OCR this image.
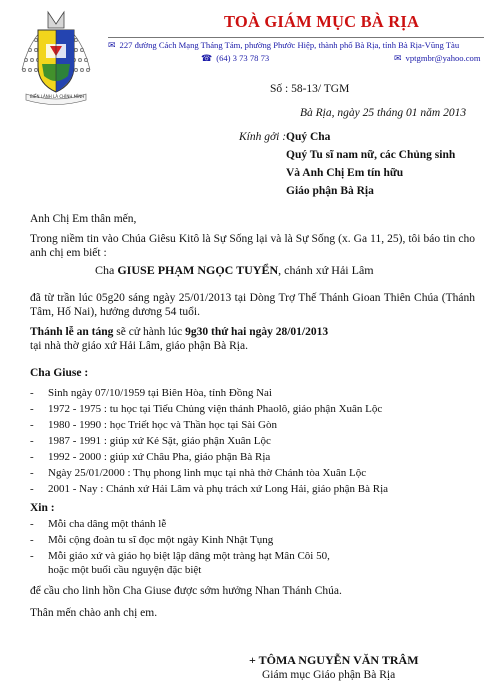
BIẾN LÀNH LÀ CHÍNH MÌNH
TOÀ GIÁM MỤC BÀ RỊA
✉ 227 đường Cách Mạng Tháng Tám, phường Phước Hiệp, thành phố Bà Rịa, tỉnh Bà Rịa-Vũng Tàu
☎ (64) 3 73 78 73	✉ vptgmbr@yahoo.com
Số : 58-13/ TGM
Bà Rịa, ngày 25 tháng 01 năm 2013
Kính gởi : Quý Cha
Quý Tu sĩ nam nữ, các Chủng sinh
Và Anh Chị Em tín hữu
Giáo phận Bà Rịa
Anh Chị Em thân mến,
Trong niềm tin vào Chúa Giêsu Kitô là Sự Sống lại và là Sự Sống (x. Ga 11, 25), tôi báo tin cho anh chị em biết :
Cha GIUSE PHẠM NGỌC TUYỂN, chánh xứ Hải Lâm
đã từ trần lúc 05g20 sáng ngày 25/01/2013 tại Dòng Trợ Thế Thánh Gioan Thiên Chúa (Thánh Tâm, Hố Nai), hưởng dương 54 tuổi.
Thánh lễ an táng sẽ cử hành lúc 9g30 thứ hai ngày 28/01/2013
tại nhà thờ giáo xứ Hải Lâm, giáo phận Bà Rịa.
Cha Giuse :
- Sinh ngày 07/10/1959 tại Biên Hòa, tỉnh Đồng Nai
- 1972 - 1975 : tu học tại Tiểu Chủng viện thánh Phaolô, giáo phận Xuân Lộc
- 1980 - 1990 : học Triết học và Thần học tại Sài Gòn
- 1987 - 1991 : giúp xứ Kẻ Sặt, giáo phận Xuân Lộc
- 1992 - 2000 : giúp xứ Châu Pha, giáo phận Bà Rịa
- Ngày 25/01/2000 : Thụ phong linh mục tại nhà thờ Chánh tòa Xuân Lộc
- 2001 - Nay : Chánh xứ Hải Lâm và phụ trách xứ Long Hải, giáo phận Bà Rịa
Xin :
- Mỗi cha dâng một thánh lễ
- Mỗi cộng đoàn tu sĩ đọc một ngày Kinh Nhật Tụng
- Mỗi giáo xứ và giáo họ biệt lập dâng một tràng hạt Mân Côi 50,
hoặc một buổi cầu nguyện đặc biệt
để cầu cho linh hồn Cha Giuse được sớm hưởng Nhan Thánh Chúa.
Thân mến chào anh chị em.
+ TÔMA NGUYỄN VĂN TRÂM
Giám mục Giáo phận Bà Rịa
